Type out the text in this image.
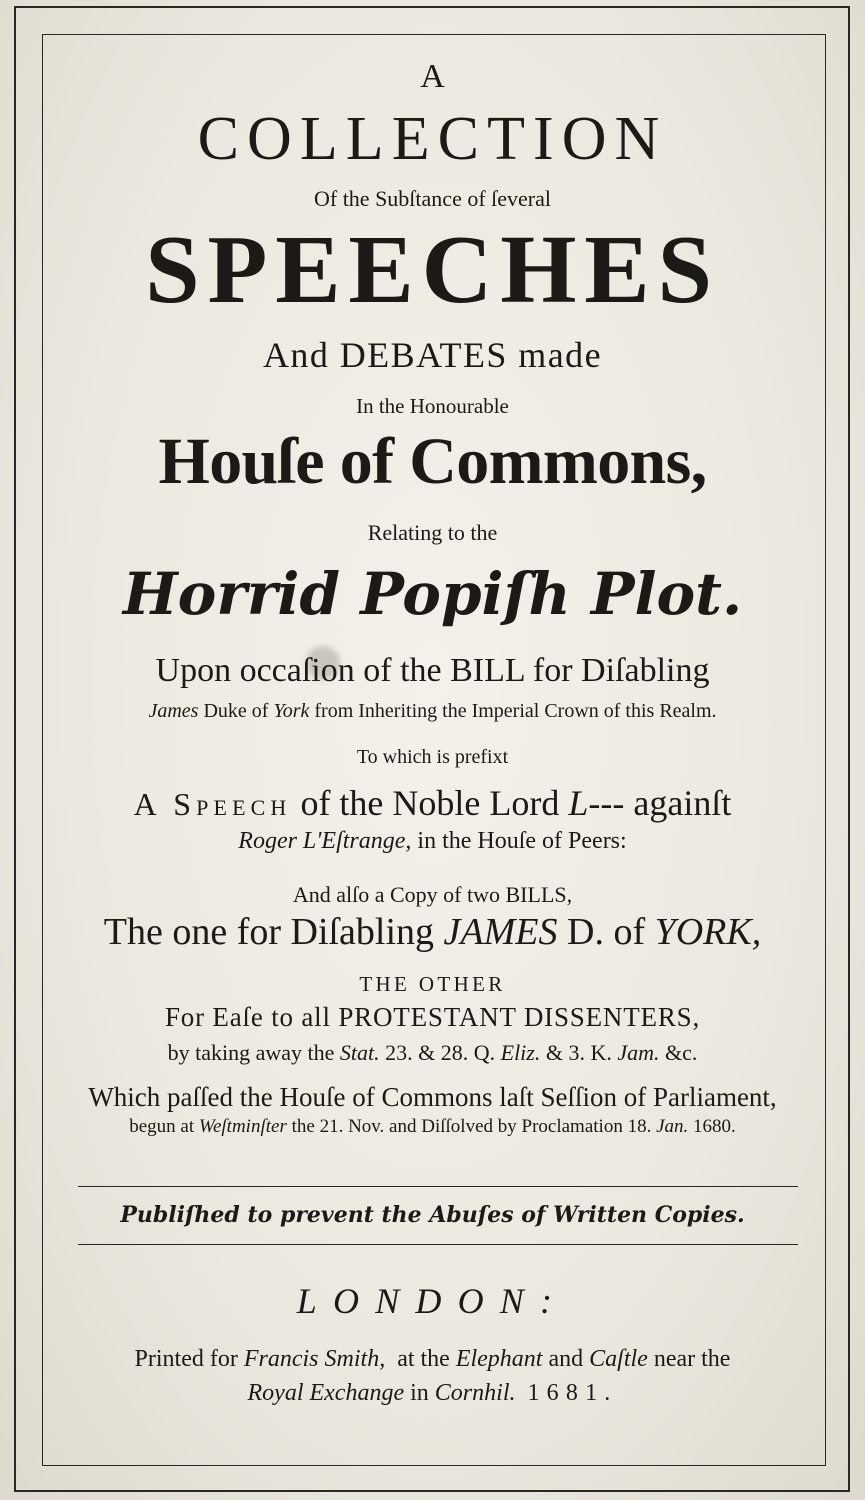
A
COLLECTION
Of the Subſtance of ſeveral
SPEECHES
And DEBATES made
In the Honourable
Houſe of Commons,
Relating to the
Horrid Popiſh Plot.
Upon occaſion of the BILL for Diſabling
James Duke of York from Inheriting the Imperial Crown of this Realm.
To which is prefixt
A Speech of the Noble Lord L--- againſt
Roger L'Eſtrange, in the Houſe of Peers:
And alſo a Copy of two BILLS,
The one for Diſabling JAMES D. of YORK,
THE OTHER
For Eaſe to all PROTESTANT DISSENTERS,
by taking away the Stat. 23. & 28. Q. Eliz. & 3. K. Jam. &c.
Which paſſed the Houſe of Commons laſt Seſſion of Parliament,
begun at Weſtminſter the 21. Nov. and Diſſolved by Proclamation 18. Jan. 1680.
Publiſhed to prevent the Abuſes of Written Copies.
LONDON:
Printed for Francis Smith, at the Elephant and Caſtle near the
Royal Exchange in Cornhil. 1681.
